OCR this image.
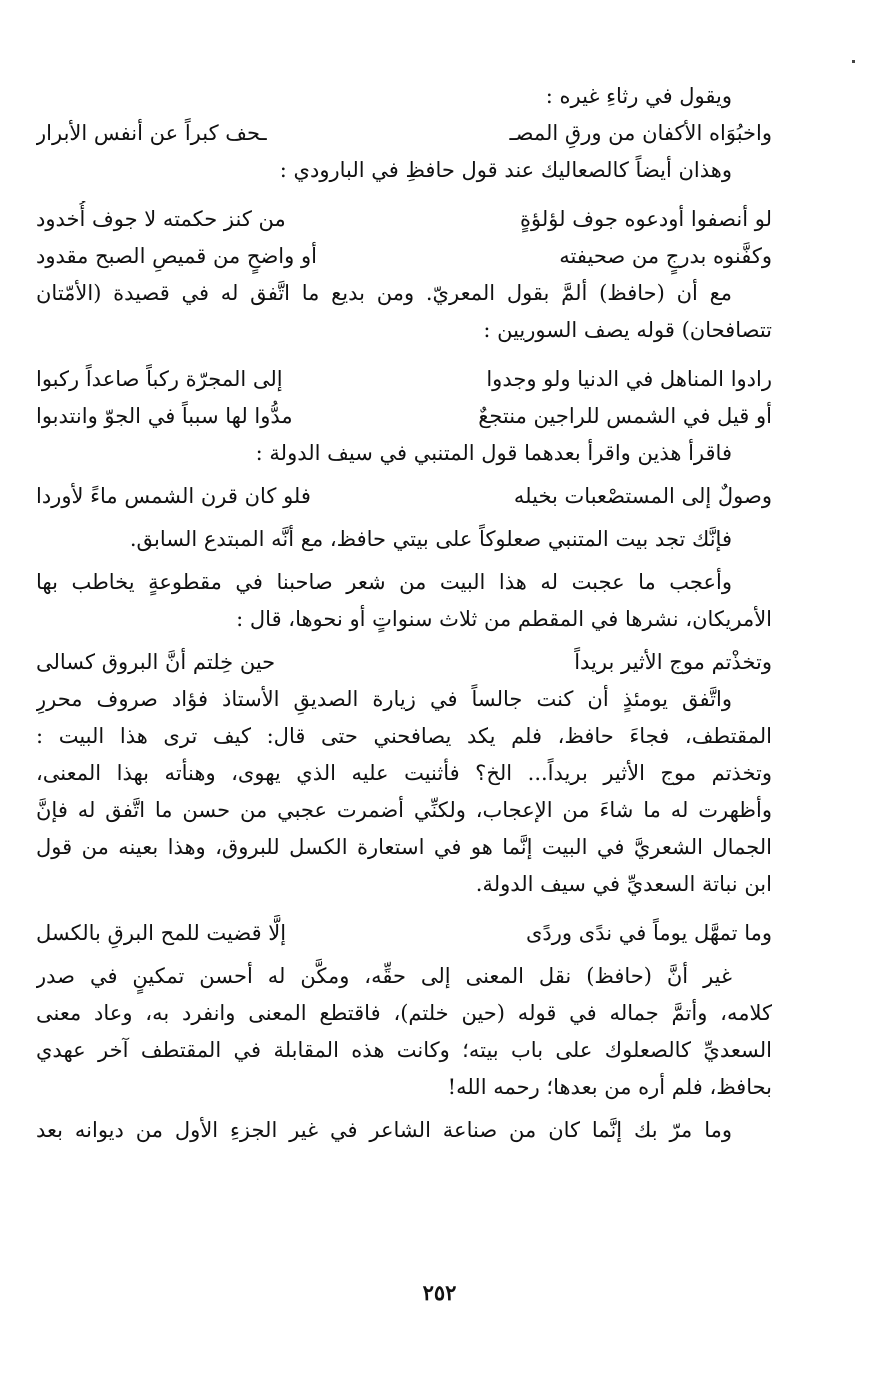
ويقول في رثاءِ غيره :
واخبُوَاه الأكفان من ورقِ المصـ
ـحف كبراً عن أنفس الأبرار
وهذان أيضاً كالصعاليك عند قول حافظِ في البارودي :
لو أنصفوا أودعوه جوف لؤلؤةٍ
من كنز حكمته لا جوف أُخدود
وكفَّنوه بدرجٍ من صحيفته
أو واضحٍ من قميصِ الصبح مقدود
مع أن (حافظ) ألمَّ بقول المعريّ. ومن بديع ما اتَّفق له في قصيدة (الأمّتان
تتصافحان) قوله يصف السوريين :
رادوا المناهل في الدنيا ولو وجدوا
إلى المجرّة ركباً صاعداً ركبوا
أو قيل في الشمس للراجين منتجعٌ
مدُّوا لها سبباً في الجوّ وانتدبوا
فاقرأ هذين واقرأ بعدهما قول المتنبي في سيف الدولة :
وصولٌ إلى المستصْعبات بخيله
فلو كان قرن الشمس ماءً لأوردا
فإنَّك تجد بيت المتنبي صعلوكاً على بيتي حافظ، مع أنَّه المبتدع السابق.
وأعجب ما عجبت له هذا البيت من شعر صاحبنا في مقطوعةٍ يخاطب بها
الأمريكان، نشرها في المقطم من ثلاث سنواتٍ أو نحوها، قال :
وتخذْتم موج الأثير بريداً
حين خِلتم أنَّ البروق كسالى
واتَّفق يومئذٍ أن كنت جالساً في زيارة الصديقِ الأستاذ فؤاد صروف محررِ
المقتطف، فجاءَ حافظ، فلم يكد يصافحني حتى قال: كيف ترى هذا البيت :
وتخذتم موج الأثير بريداً... الخ؟ فأثنيت عليه الذي يهوى، وهنأته بهذا المعنى،
وأظهرت له ما شاءَ من الإعجاب، ولكنِّي أضمرت عجبي من حسن ما اتَّفق له فإنَّ
الجمال الشعريَّ في البيت إنَّما هو في استعارة الكسل للبروق، وهذا بعينه من قول
ابن نباتة السعديِّ في سيف الدولة.
وما تمهَّل يوماً في ندًى وردًى
إلَّا قضيت للمح البرقِ بالكسل
غير أنَّ (حافظ) نقل المعنى إلى حقِّه، ومكَّن له أحسن تمكينٍ في صدر
كلامه، وأتمَّ جماله في قوله (حين خلتم)، فاقتطع المعنى وانفرد به، وعاد معنى
السعديِّ كالصعلوك على باب بيته؛ وكانت هذه المقابلة في المقتطف آخر عهدي
بحافظ، فلم أره من بعدها؛ رحمه الله!
وما مرّ بك إنَّما كان من صناعة الشاعر في غير الجزءِ الأول من ديوانه بعد
٢٥٢
